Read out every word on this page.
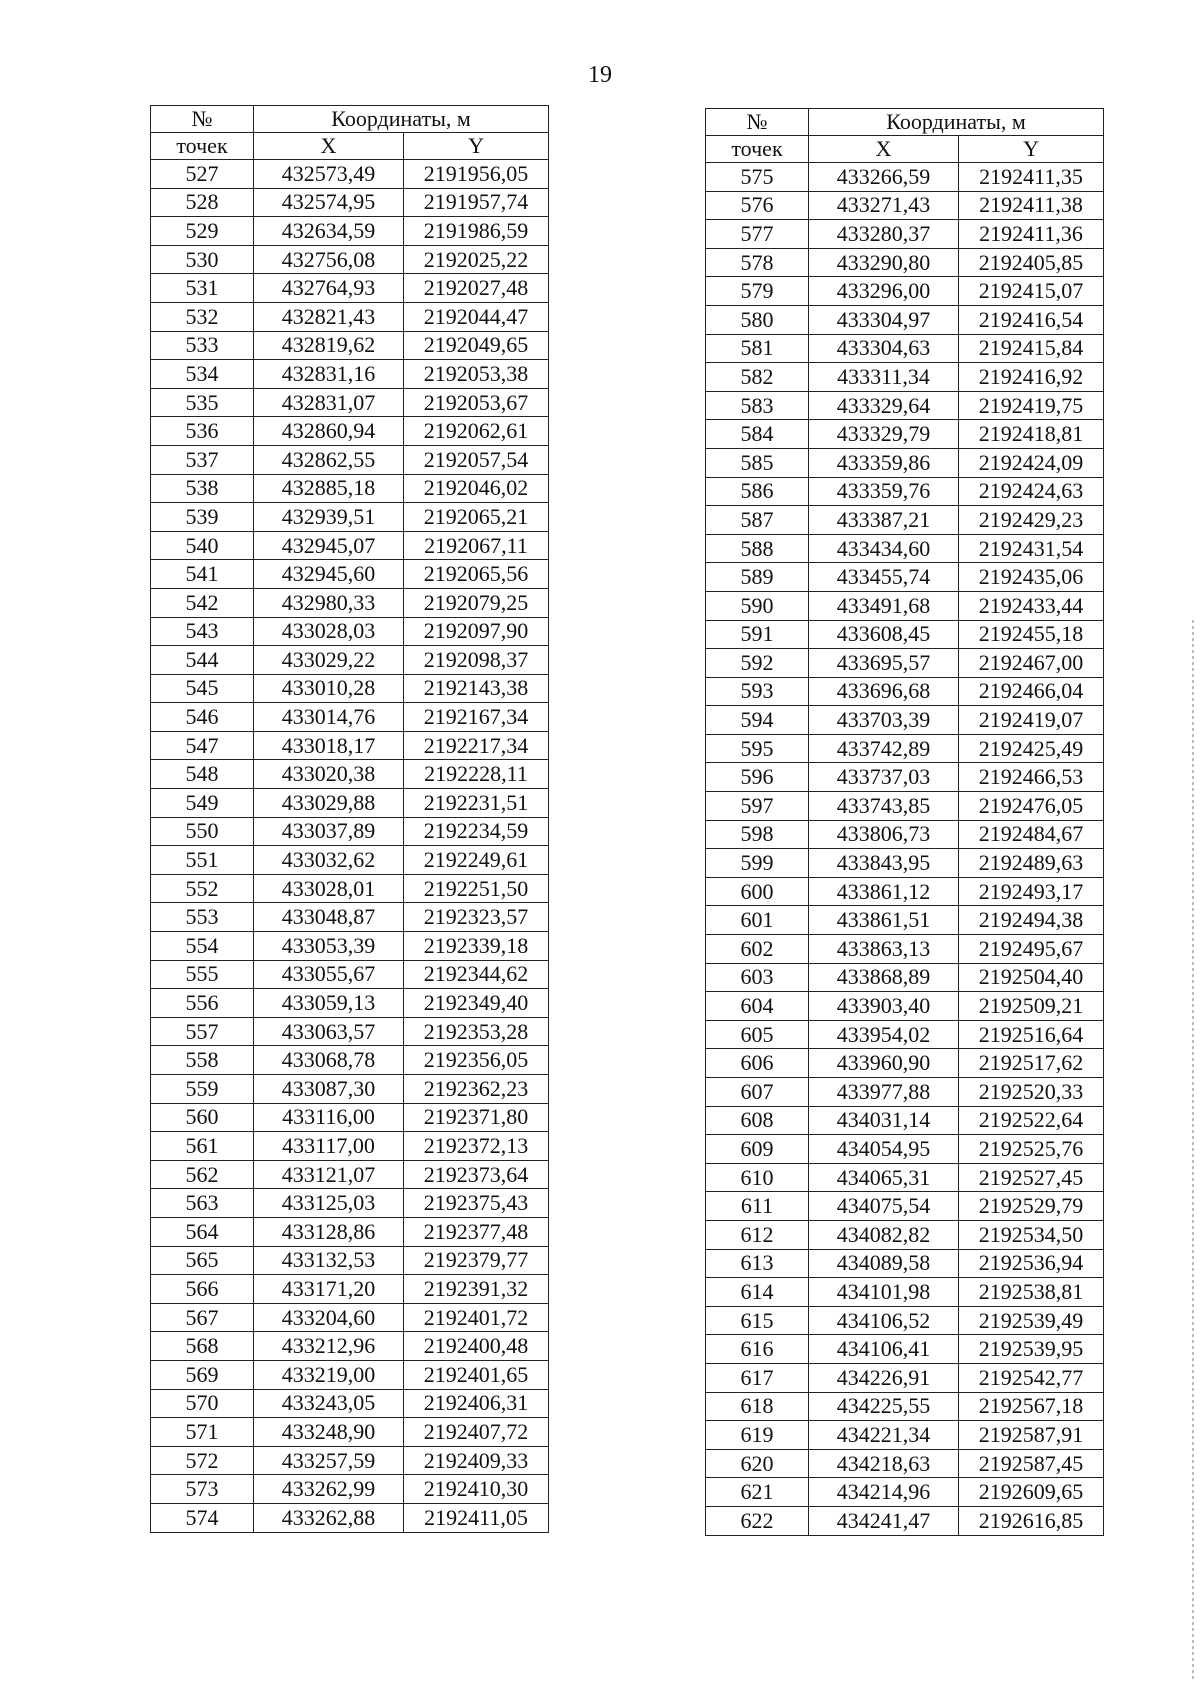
19
№	Координаты, м	
точек	X	Y
527	432573,49	2191956,05
528	432574,95	2191957,74
529	432634,59	2191986,59
530	432756,08	2192025,22
531	432764,93	2192027,48
532	432821,43	2192044,47
533	432819,62	2192049,65
534	432831,16	2192053,38
535	432831,07	2192053,67
536	432860,94	2192062,61
537	432862,55	2192057,54
538	432885,18	2192046,02
539	432939,51	2192065,21
540	432945,07	2192067,11
541	432945,60	2192065,56
542	432980,33	2192079,25
543	433028,03	2192097,90
544	433029,22	2192098,37
545	433010,28	2192143,38
546	433014,76	2192167,34
547	433018,17	2192217,34
548	433020,38	2192228,11
549	433029,88	2192231,51
550	433037,89	2192234,59
551	433032,62	2192249,61
552	433028,01	2192251,50
553	433048,87	2192323,57
554	433053,39	2192339,18
555	433055,67	2192344,62
556	433059,13	2192349,40
557	433063,57	2192353,28
558	433068,78	2192356,05
559	433087,30	2192362,23
560	433116,00	2192371,80
561	433117,00	2192372,13
562	433121,07	2192373,64
563	433125,03	2192375,43
564	433128,86	2192377,48
565	433132,53	2192379,77
566	433171,20	2192391,32
567	433204,60	2192401,72
568	433212,96	2192400,48
569	433219,00	2192401,65
570	433243,05	2192406,31
571	433248,90	2192407,72
572	433257,59	2192409,33
573	433262,99	2192410,30
574	433262,88	2192411,05
№	Координаты, м	
точек	X	Y
575	433266,59	2192411,35
576	433271,43	2192411,38
577	433280,37	2192411,36
578	433290,80	2192405,85
579	433296,00	2192415,07
580	433304,97	2192416,54
581	433304,63	2192415,84
582	433311,34	2192416,92
583	433329,64	2192419,75
584	433329,79	2192418,81
585	433359,86	2192424,09
586	433359,76	2192424,63
587	433387,21	2192429,23
588	433434,60	2192431,54
589	433455,74	2192435,06
590	433491,68	2192433,44
591	433608,45	2192455,18
592	433695,57	2192467,00
593	433696,68	2192466,04
594	433703,39	2192419,07
595	433742,89	2192425,49
596	433737,03	2192466,53
597	433743,85	2192476,05
598	433806,73	2192484,67
599	433843,95	2192489,63
600	433861,12	2192493,17
601	433861,51	2192494,38
602	433863,13	2192495,67
603	433868,89	2192504,40
604	433903,40	2192509,21
605	433954,02	2192516,64
606	433960,90	2192517,62
607	433977,88	2192520,33
608	434031,14	2192522,64
609	434054,95	2192525,76
610	434065,31	2192527,45
611	434075,54	2192529,79
612	434082,82	2192534,50
613	434089,58	2192536,94
614	434101,98	2192538,81
615	434106,52	2192539,49
616	434106,41	2192539,95
617	434226,91	2192542,77
618	434225,55	2192567,18
619	434221,34	2192587,91
620	434218,63	2192587,45
621	434214,96	2192609,65
622	434241,47	2192616,85
